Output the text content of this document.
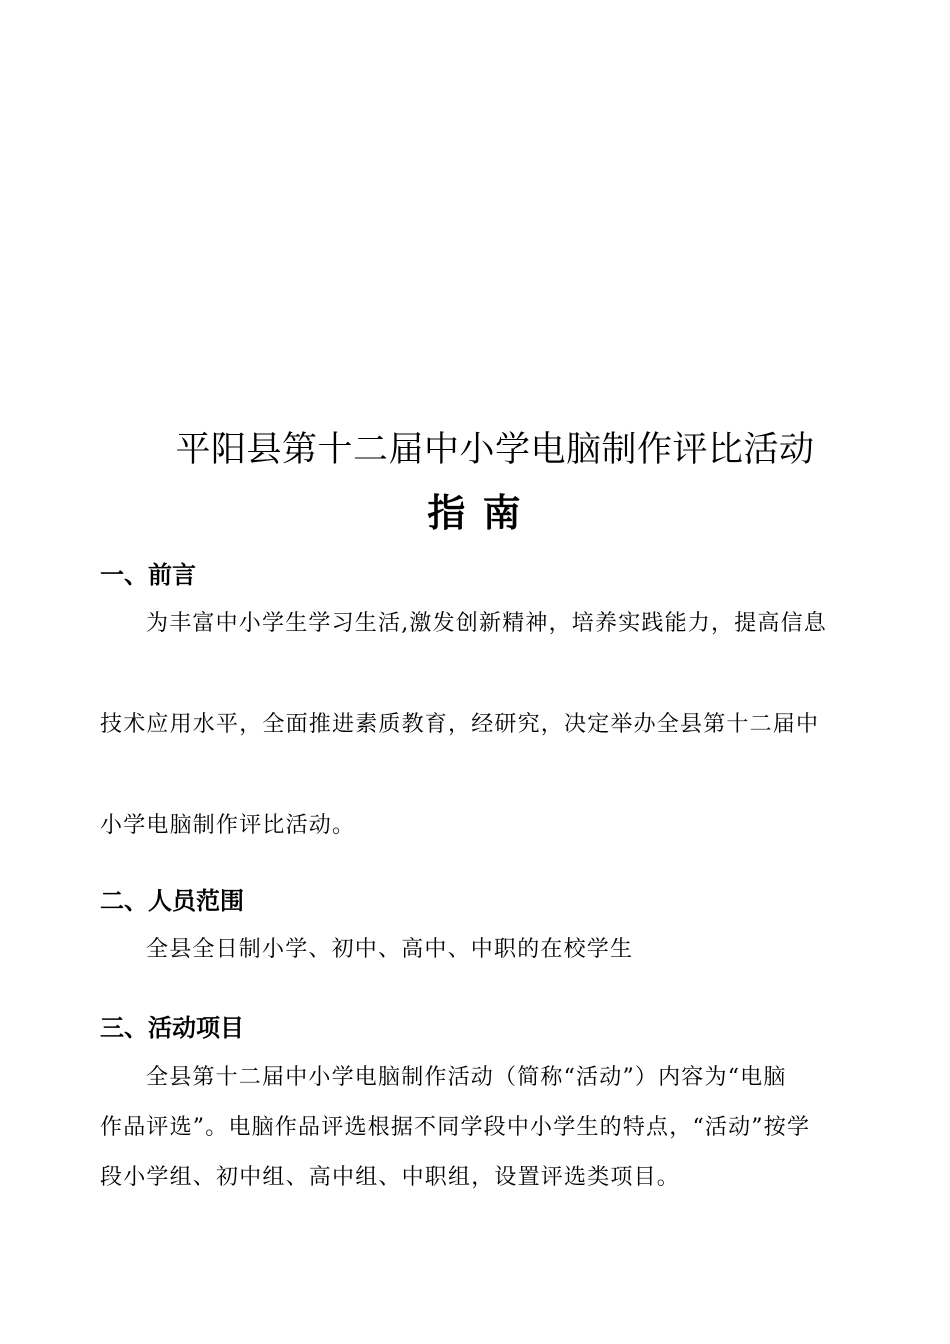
平阳县第十二届中小学电脑制作评比活动
指 南
一、前言
为丰富中小学生学习生活,激发创新精神，培养实践能力，提高信息
技术应用水平，全面推进素质教育，经研究，决定举办全县第十二届中
小学电脑制作评比活动。
二、人员范围
全县全日制小学、初中、高中、中职的在校学生
三、活动项目
全县第十二届中小学电脑制作活动（简称“活动”）内容为“电脑
作品评选”。电脑作品评选根据不同学段中小学生的特点，“活动”按学
段小学组、初中组、高中组、中职组，设置评选类项目。
